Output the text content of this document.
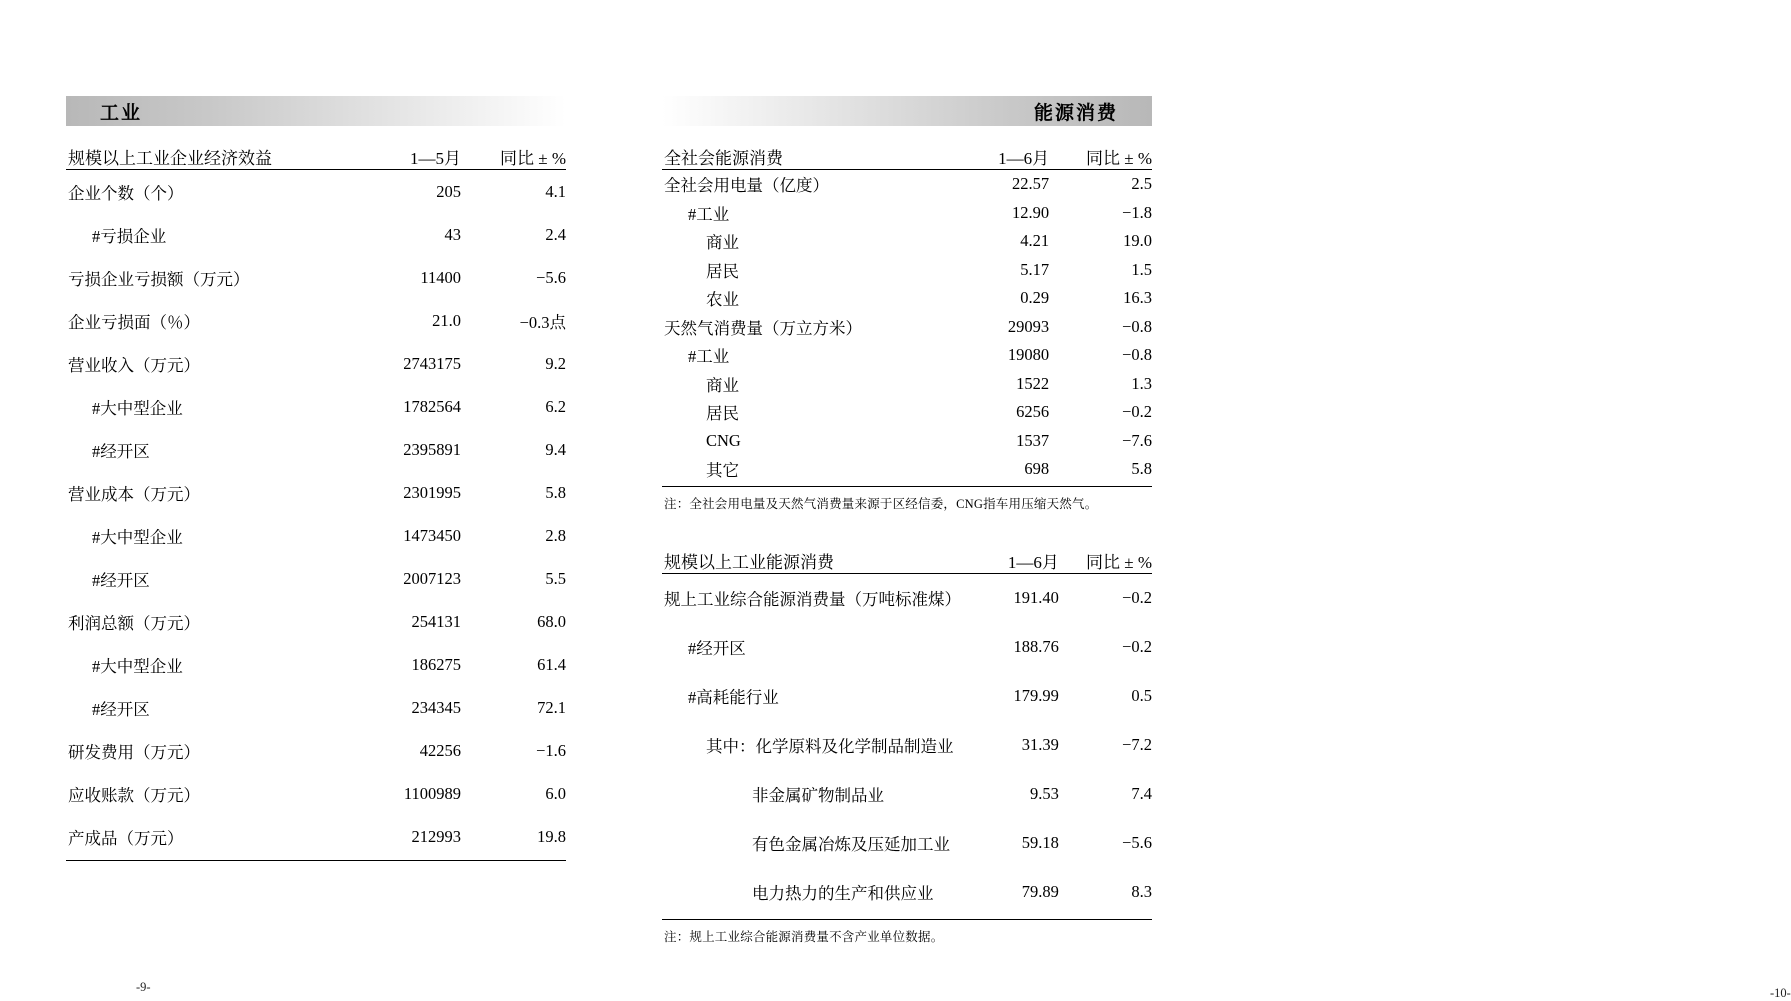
工业
规模以上工业企业经济效益	1—5月	同比 ± %
企业个数（个）	205	4.1
#亏损企业	43	2.4
亏损企业亏损额（万元）	11400	−5.6
企业亏损面（％）	21.0	−0.3点
营业收入（万元）	2743175	9.2
#大中型企业	1782564	6.2
#经开区	2395891	9.4
营业成本（万元）	2301995	5.8
#大中型企业	1473450	2.8
#经开区	2007123	5.5
利润总额（万元）	254131	68.0
#大中型企业	186275	61.4
#经开区	234345	72.1
研发费用（万元）	42256	−1.6
应收账款（万元）	1100989	6.0
产成品（万元）	212993	19.8
-9-
能源消费
全社会能源消费	1—6月	同比 ± %
全社会用电量（亿度）	22.57	2.5
#工业	12.90	−1.8
商业	4.21	19.0
居民	5.17	1.5
农业	0.29	16.3
天然气消费量（万立方米）	29093	−0.8
#工业	19080	−0.8
商业	1522	1.3
居民	6256	−0.2
CNG	1537	−7.6
其它	698	5.8
注：全社会用电量及天然气消费量来源于区经信委，CNG指车用压缩天然气。
规模以上工业能源消费	1—6月	同比 ± %
规上工业综合能源消费量（万吨标准煤）	191.40	−0.2
#经开区	188.76	−0.2
#高耗能行业	179.99	0.5
其中：化学原料及化学制品制造业	31.39	−7.2
非金属矿物制品业	9.53	7.4
有色金属冶炼及压延加工业	59.18	−5.6
电力热力的生产和供应业	79.89	8.3
注：规上工业综合能源消费量不含产业单位数据。
-10-
